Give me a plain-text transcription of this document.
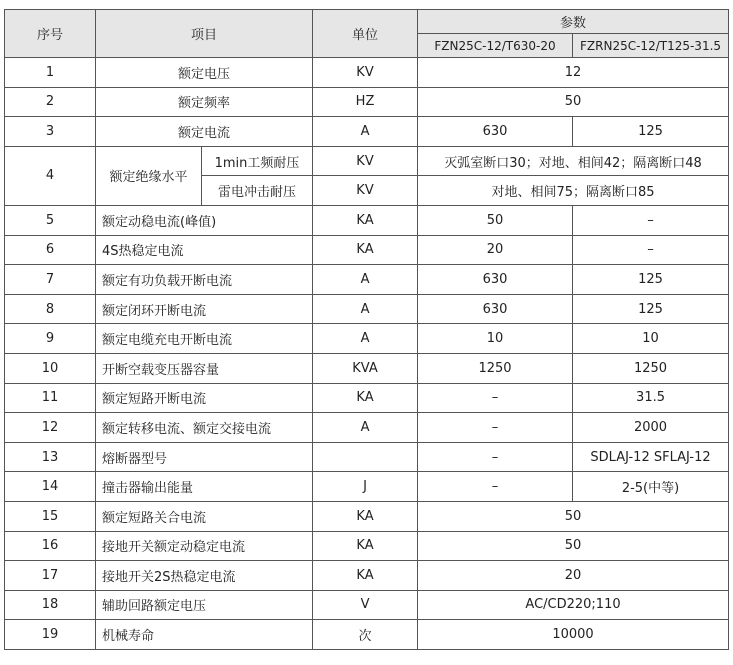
序号	项目		单位	参数	
				FZN25C-12/T630-20	FZRN25C-12/T125-31.5
1	额定电压		KV	12	
2	额定频率		HZ	50	
3	额定电流		A	630	125
4	额定绝缘水平	1min工频耐压	KV	灭弧室断口30；对地、相间42；隔离断口48	
		雷电冲击耐压	KV	对地、相间75；隔离断口85	
5	额定动稳电流(峰值)		KA	50	–
6	4S热稳定电流		KA	20	–
7	额定有功负载开断电流		A	630	125
8	额定闭环开断电流		A	630	125
9	额定电缆充电开断电流		A	10	10
10	开断空载变压器容量		KVA	1250	1250
11	额定短路开断电流		KA	–	31.5
12	额定转移电流、额定交接电流		A	–	2000
13	熔断器型号			–	SDLAJ-12 SFLAJ-12
14	撞击器输出能量		J	–	2-5(中等)
15	额定短路关合电流		KA	50	
16	接地开关额定动稳定电流		KA	50	
17	接地开关2S热稳定电流		KA	20	
18	辅助回路额定电压		V	AC/CD220;110	
19	机械寿命		次	10000	
